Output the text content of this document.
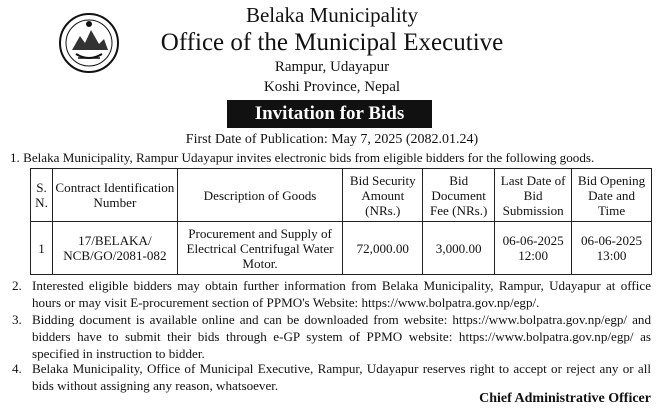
Belaka Municipality
Office of the Municipal Executive
Rampur, Udayapur
Koshi Province, Nepal
Invitation for Bids
First Date of Publication: May 7, 2025 (2082.01.24)
1. Belaka Municipality, Rampur Udayapur invites electronic bids from eligible bidders for the following goods.
S. N.	Contract Identification Number	Description of Goods	Bid Security Amount (NRs.)	Bid Document Fee (NRs.)	Last Date of Bid Submission	Bid Opening Date and Time
1	17/BELAKA/ NCB/GO/2081-082	Procurement and Supply of Electrical Centrifugal Water Motor.	72,000.00	3,000.00	06-06-2025 12:00	06-06-2025 13:00
2. Interested eligible bidders may obtain further information from Belaka Municipality, Rampur, Udayapur at office hours or may visit E-procurement section of PPMO's Website: https://www.bolpatra.gov.np/egp/.
3. Bidding document is available online and can be downloaded from website: https://www.bolpatra.gov.np/egp/ and bidders have to submit their bids through e-GP system of PPMO website: https://www.bolpatra.gov.np/egp/ as specified in instruction to bidder.
4. Belaka Municipality, Office of Municipal Executive, Rampur, Udayapur reserves right to accept or reject any or all bids without assigning any reason, whatsoever.
Chief Administrative Officer
